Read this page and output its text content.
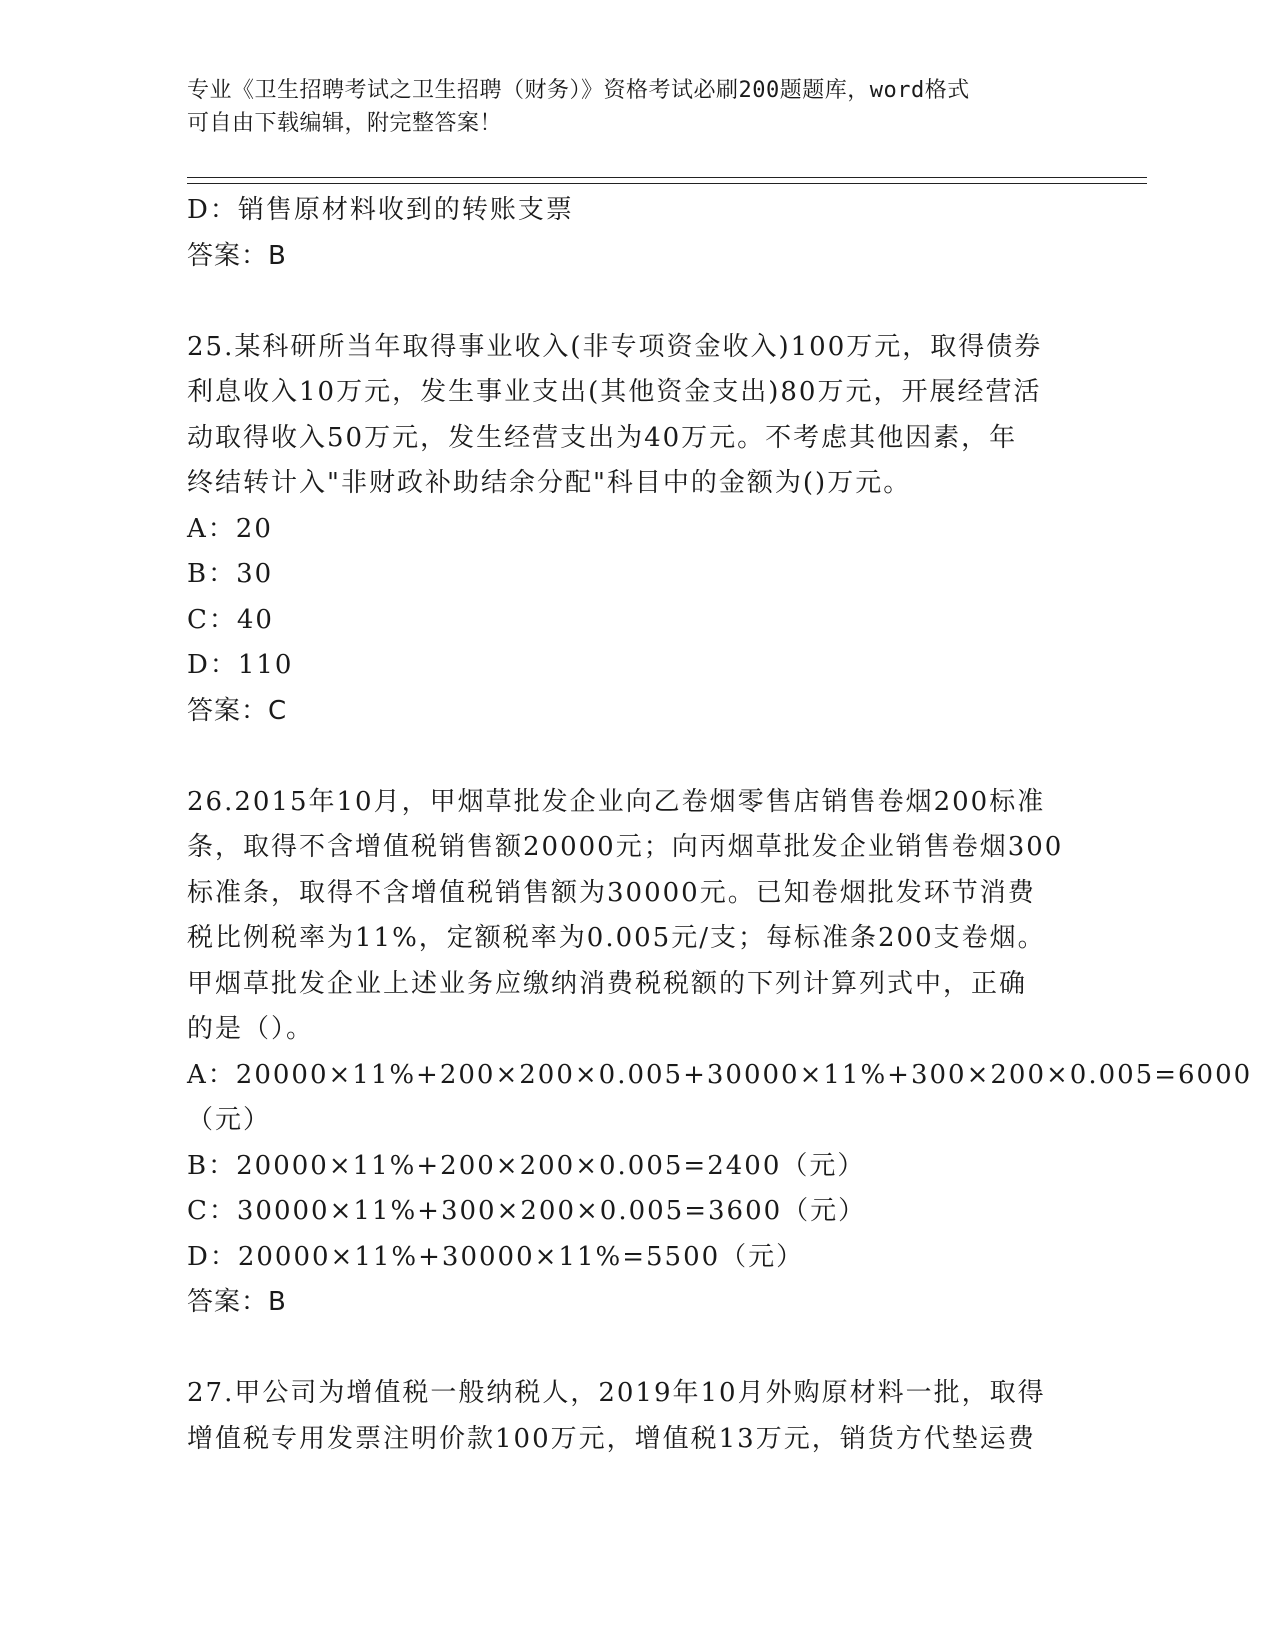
专业《卫生招聘考试之卫生招聘（财务）》资格考试必刷200题题库，word格式
可自由下载编辑，附完整答案！
D：销售原材料收到的转账支票
答案：B
25.某科研所当年取得事业收入(非专项资金收入)100万元，取得债券
利息收入10万元，发生事业支出(其他资金支出)80万元，开展经营活
动取得收入50万元，发生经营支出为40万元。不考虑其他因素，年
终结转计入"非财政补助结余分配"科目中的金额为()万元。
A：20
B：30
C：40
D：110
答案：C
26.2015年10月，甲烟草批发企业向乙卷烟零售店销售卷烟200标准
条，取得不含增值税销售额20000元；向丙烟草批发企业销售卷烟300
标准条，取得不含增值税销售额为30000元。已知卷烟批发环节消费
税比例税率为11%，定额税率为0.005元/支；每标准条200支卷烟。
甲烟草批发企业上述业务应缴纳消费税税额的下列计算列式中，正确
的是（）。
A：20000×11%+200×200×0.005+30000×11%+300×200×0.005=6000
（元）
B：20000×11%+200×200×0.005=2400（元）
C：30000×11%+300×200×0.005=3600（元）
D：20000×11%+30000×11%=5500（元）
答案：B
27.甲公司为增值税一般纳税人，2019年10月外购原材料一批，取得
增值税专用发票注明价款100万元，增值税13万元，销货方代垫运费
